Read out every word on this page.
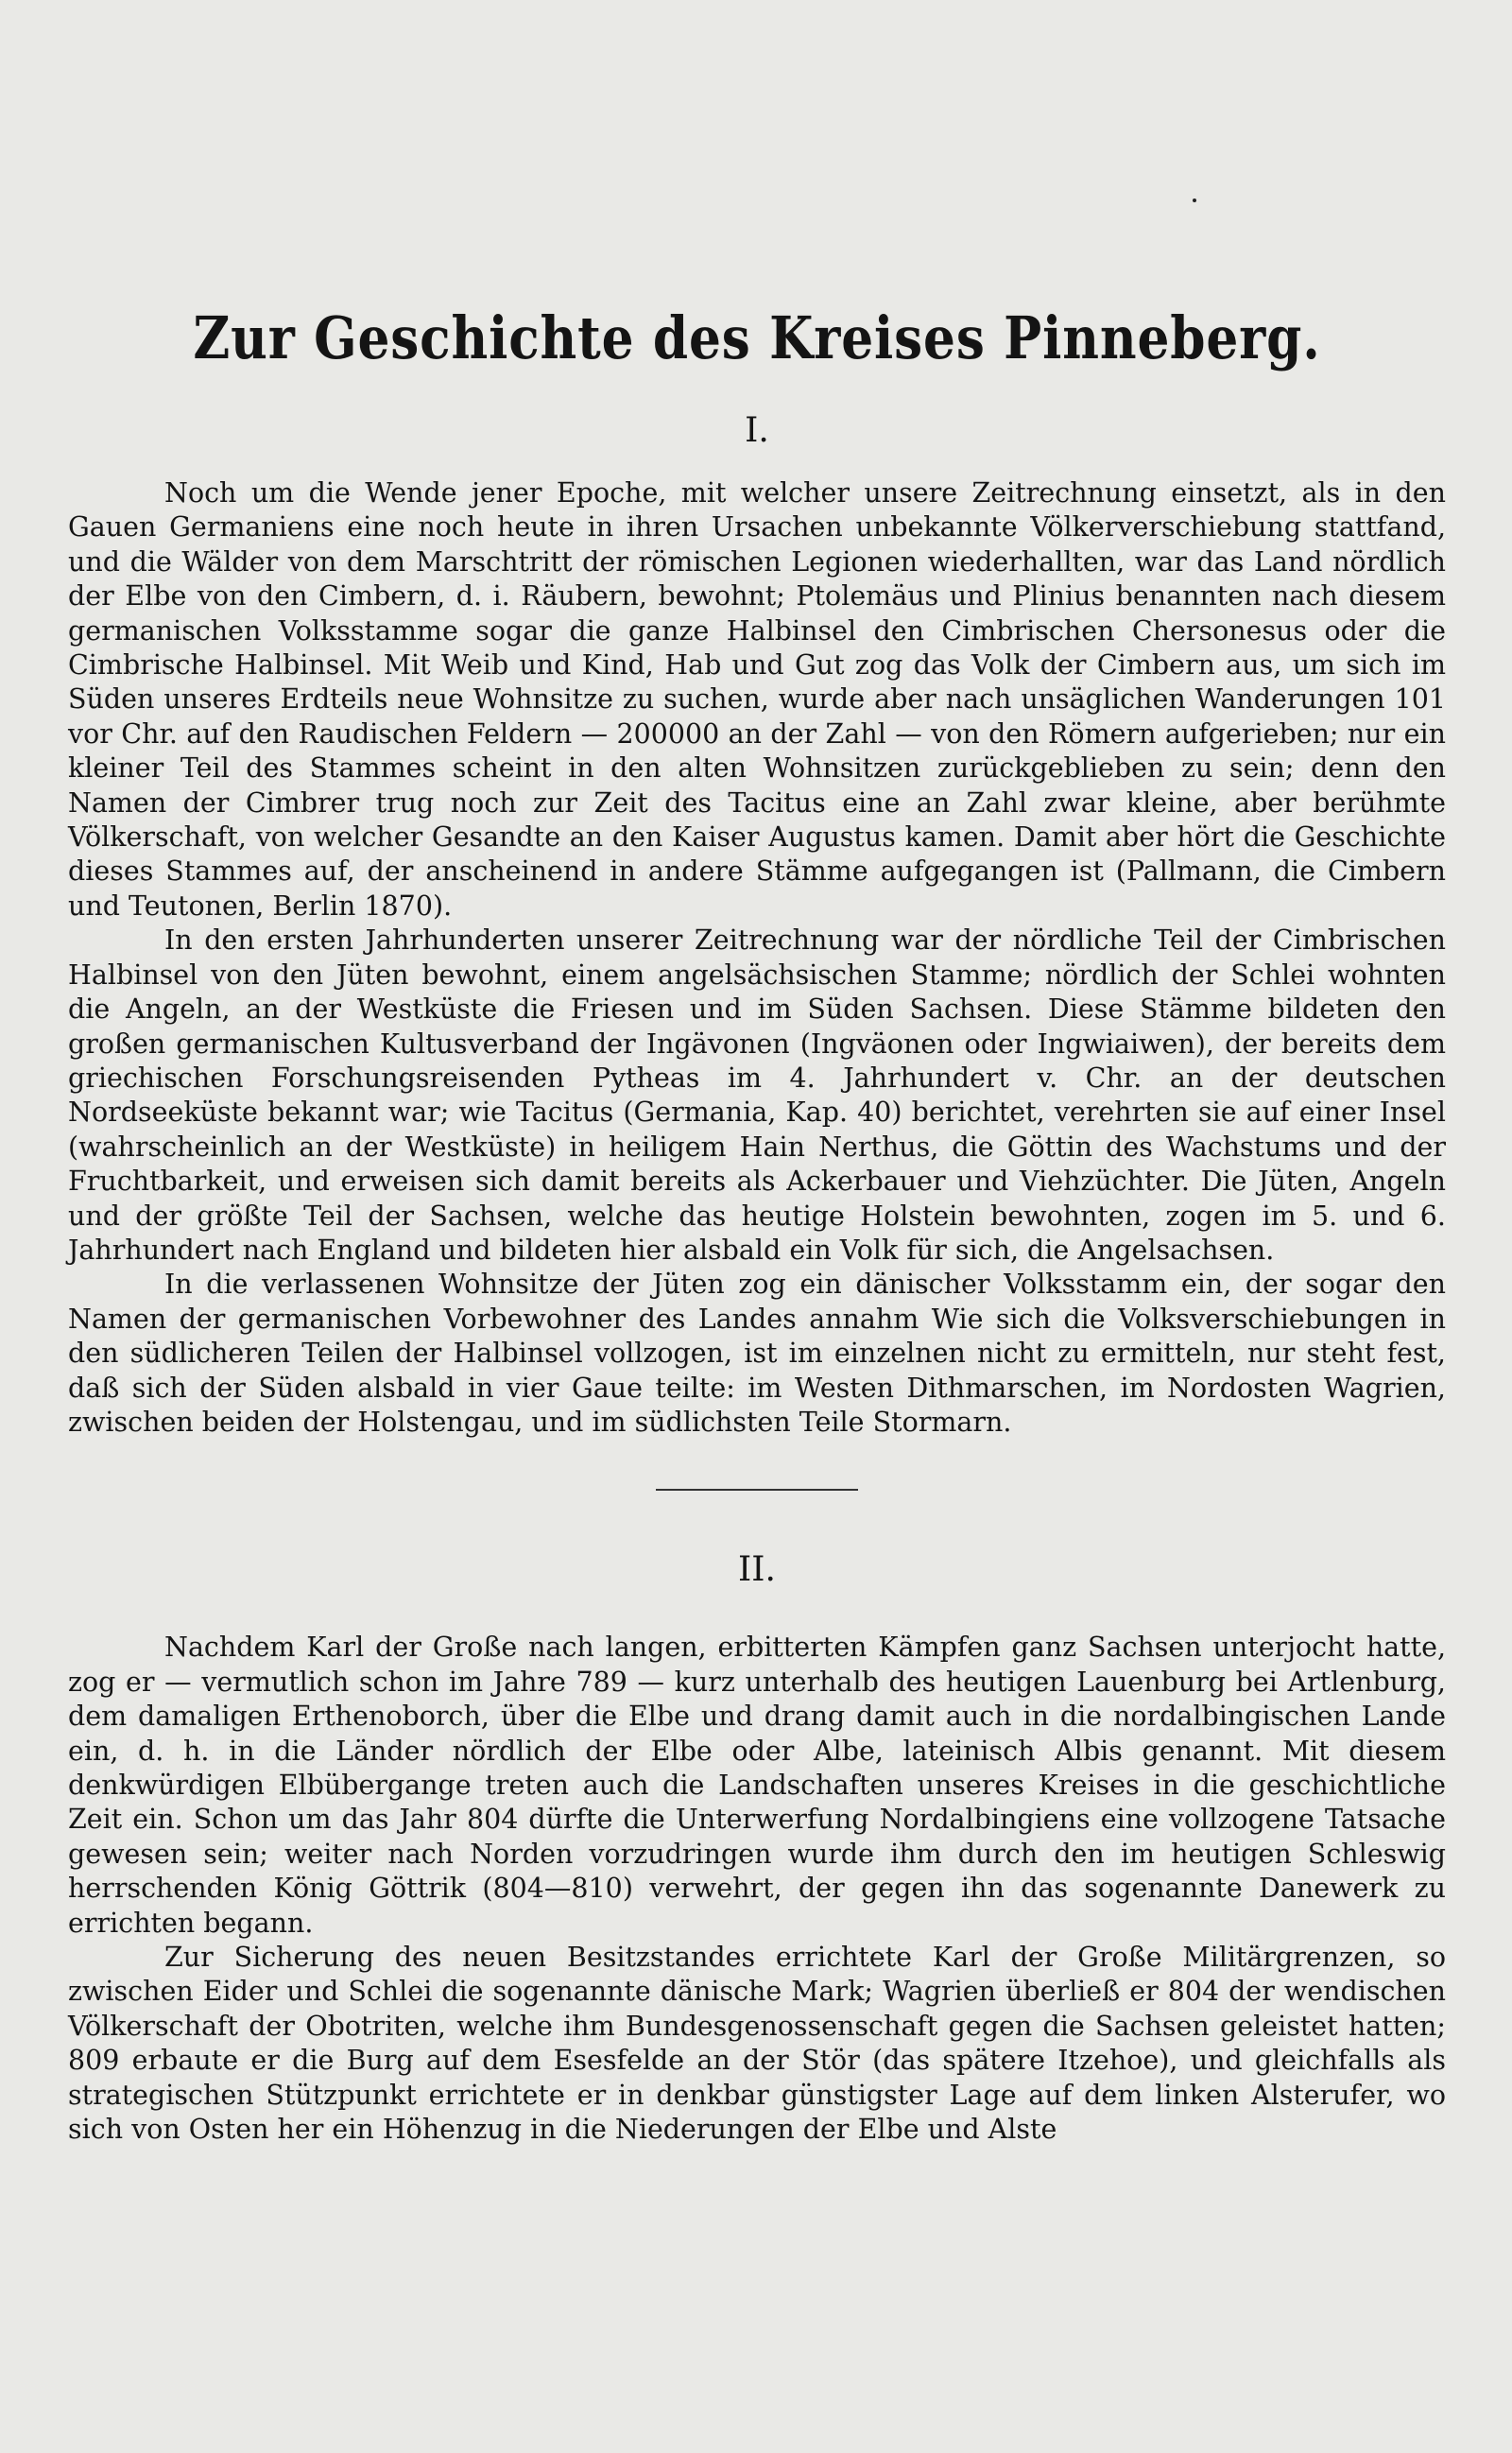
Zur Geschichte des Kreises Pinneberg.
I.

Noch um die Wende jener Epoche, mit welcher unsere Zeitrechnung einsetzt, als in den Gauen Germaniens eine noch heute in ihren Ursachen unbekannte Völkerverschiebung stattfand, und die Wälder von dem Marschtritt der römischen Legionen wiederhallten, war das Land nördlich der Elbe von den Cimbern, d. i. Räubern, bewohnt; Ptolemäus und Plinius benannten nach diesem germanischen Volksstamme sogar die ganze Halbinsel den Cimbrischen Chersonesus oder die Cimbrische Halbinsel. Mit Weib und Kind, Hab und Gut zog das Volk der Cimbern aus, um sich im Süden unseres Erdteils neue Wohnsitze zu suchen, wurde aber nach unsäglichen Wanderungen 101 vor Chr. auf den Raudischen Feldern — 200000 an der Zahl — von den Römern aufgerieben; nur ein kleiner Teil des Stammes scheint in den alten Wohnsitzen zurückgeblieben zu sein; denn den Namen der Cimbrer trug noch zur Zeit des Tacitus eine an Zahl zwar kleine, aber berühmte Völkerschaft, von welcher Gesandte an den Kaiser Augustus kamen. Damit aber hört die Geschichte dieses Stammes auf, der anscheinend in andere Stämme aufgegangen ist (Pallmann, die Cimbern und Teutonen, Berlin 1870).

In den ersten Jahrhunderten unserer Zeitrechnung war der nördliche Teil der Cimbrischen Halbinsel von den Jüten bewohnt, einem angelsächsischen Stamme; nördlich der Schlei wohnten die Angeln, an der Westküste die Friesen und im Süden Sachsen. Diese Stämme bildeten den großen germanischen Kultusverband der Ingävonen (Ingväonen oder Ingwiaiwen), der bereits dem griechischen Forschungsreisenden Pytheas im 4. Jahrhundert v. Chr. an der deutschen Nordseeküste bekannt war; wie Tacitus (Germania, Kap. 40) berichtet, verehrten sie auf einer Insel (wahrscheinlich an der Westküste) in heiligem Hain Nerthus, die Göttin des Wachstums und der Fruchtbarkeit, und erweisen sich damit bereits als Ackerbauer und Viehzüchter. Die Jüten, Angeln und der größte Teil der Sachsen, welche das heutige Holstein bewohnten, zogen im 5. und 6. Jahrhundert nach England und bildeten hier alsbald ein Volk für sich, die Angelsachsen.

In die verlassenen Wohnsitze der Jüten zog ein dänischer Volksstamm ein, der sogar den Namen der germanischen Vorbewohner des Landes annahm Wie sich die Volksverschiebungen in den südlicheren Teilen der Halbinsel vollzogen, ist im einzelnen nicht zu ermitteln, nur steht fest, daß sich der Süden alsbald in vier Gaue teilte: im Westen Dithmarschen, im Nordosten Wagrien, zwischen beiden der Holstengau, und im südlichsten Teile Stormarn.

II.

Nachdem Karl der Große nach langen, erbitterten Kämpfen ganz Sachsen unterjocht hatte, zog er — vermutlich schon im Jahre 789 — kurz unterhalb des heutigen Lauenburg bei Artlenburg, dem damaligen Erthenoborch, über die Elbe und drang damit auch in die nordalbingischen Lande ein, d. h. in die Länder nördlich der Elbe oder Albe, lateinisch Albis genannt. Mit diesem denkwürdigen Elbübergange treten auch die Landschaften unseres Kreises in die geschichtliche Zeit ein. Schon um das Jahr 804 dürfte die Unterwerfung Nordalbingiens eine vollzogene Tatsache gewesen sein; weiter nach Norden vorzudringen wurde ihm durch den im heutigen Schleswig herrschenden König Göttrik (804—810) verwehrt, der gegen ihn das sogenannte Danewerk zu errichten begann.

Zur Sicherung des neuen Besitzstandes errichtete Karl der Große Militärgrenzen, so zwischen Eider und Schlei die sogenannte dänische Mark; Wagrien überließ er 804 der wendischen Völkerschaft der Obotriten, welche ihm Bundesgenossenschaft gegen die Sachsen geleistet hatten; 809 erbaute er die Burg auf dem Esesfelde an der Stör (das spätere Itzehoe), und gleichfalls als strategischen Stützpunkt errichtete er in denkbar günstigster Lage auf dem linken Alsterufer, wo sich von Osten her ein Höhenzug in die Niederungen der Elbe und Alste
